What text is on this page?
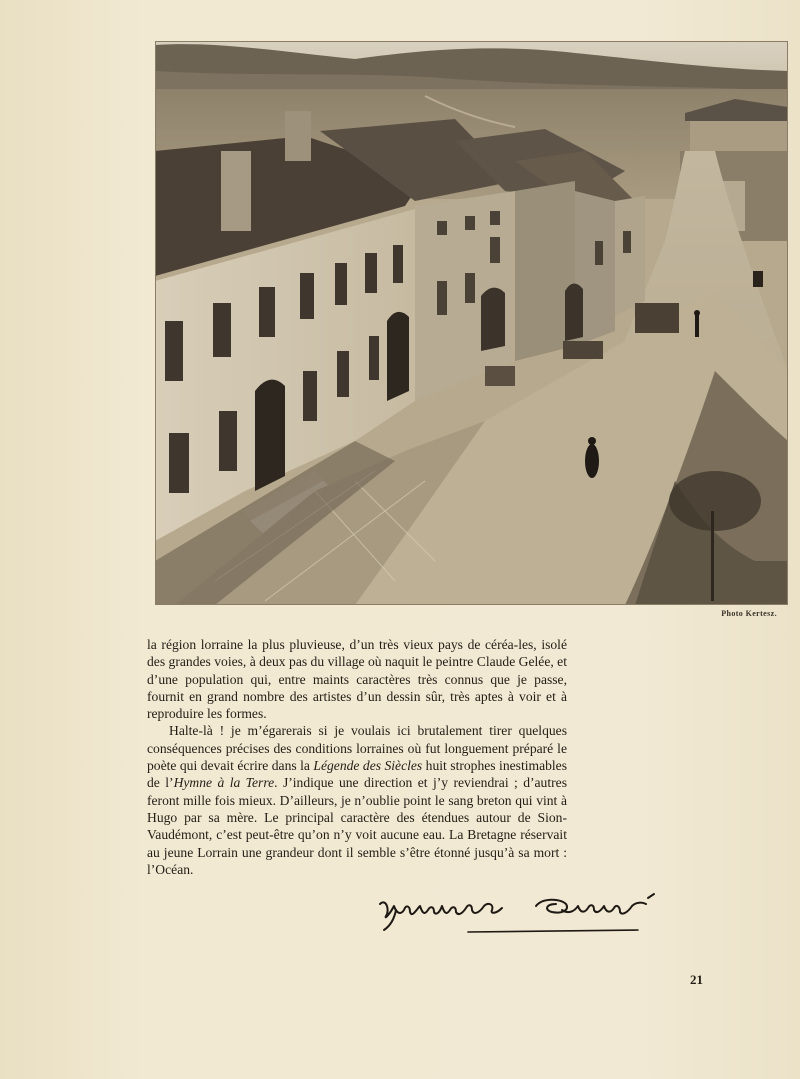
Photo Kertesz.

la région lorraine la plus pluvieuse, d’un très vieux pays de céréa-les, isolé des grandes voies, à deux pas du village où naquit le peintre Claude Gelée, et d’une population qui, entre maints caractères très connus que je passe, fournit en grand nombre des artistes d’un dessin sûr, très aptes à voir et à reproduire les formes.

Halte-là ! je m’égarerais si je voulais ici brutalement tirer quelques conséquences précises des conditions lorraines où fut longuement préparé le poète qui devait écrire dans la Légende des Siècles huit strophes inestimables de l’Hymne à la Terre. J’indique une direction et j’y reviendrai ; d’autres feront mille fois mieux. D’ailleurs, je n’oublie point le sang breton qui vint à Hugo par sa mère. Le principal caractère des étendues autour de Sion-Vaudémont, c’est peut-être qu’on n’y voit aucune eau. La Bretagne réservait au jeune Lorrain une grandeur dont il semble s’être étonné jusqu’à sa mort : l’Océan.

21
